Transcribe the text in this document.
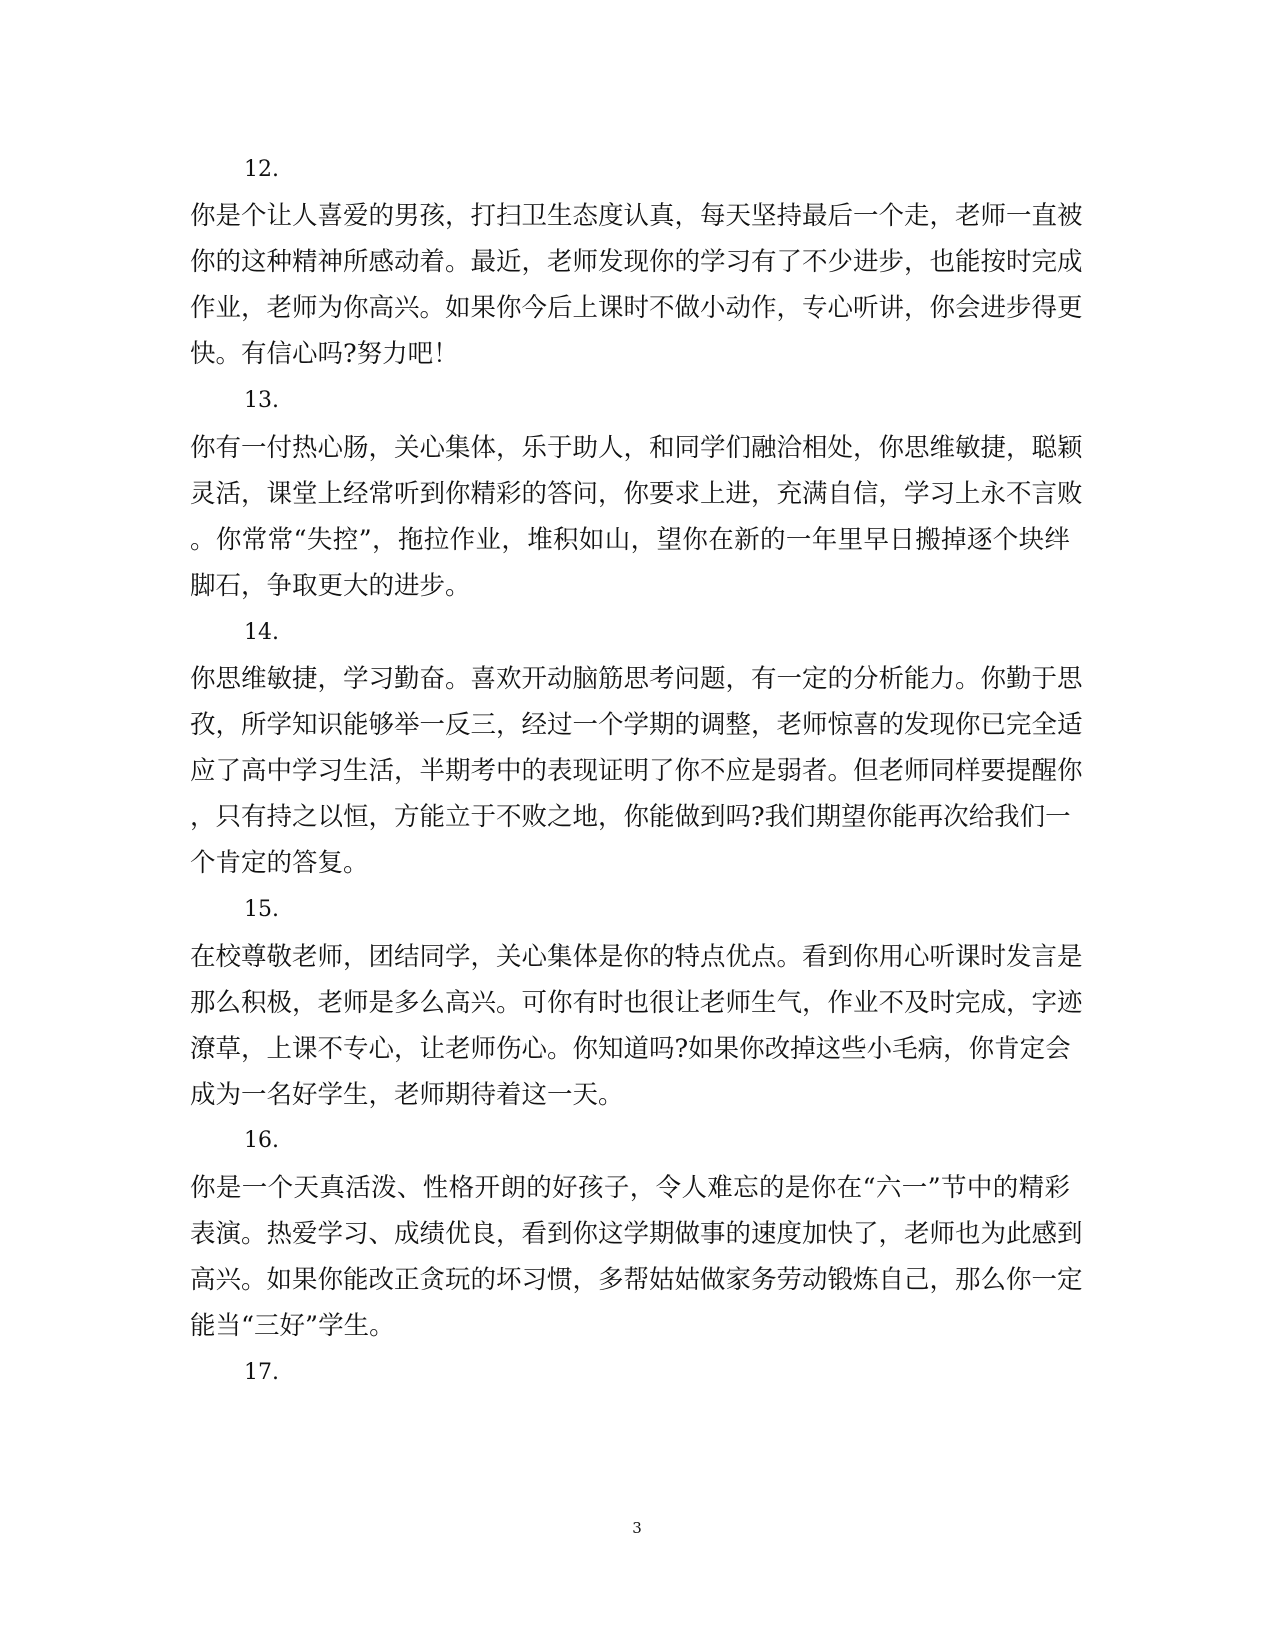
12.
你是个让人喜爱的男孩，打扫卫生态度认真，每天坚持最后一个走，老师一直被
你的这种精神所感动着。最近，老师发现你的学习有了不少进步，也能按时完成
作业，老师为你高兴。如果你今后上课时不做小动作，专心听讲，你会进步得更
快。有信心吗?努力吧！
13.
你有一付热心肠，关心集体，乐于助人，和同学们融洽相处，你思维敏捷，聪颖
灵活，课堂上经常听到你精彩的答问，你要求上进，充满自信，学习上永不言败
。你常常“失控”，拖拉作业，堆积如山，望你在新的一年里早日搬掉逐个块绊
脚石，争取更大的进步。
14.
你思维敏捷，学习勤奋。喜欢开动脑筋思考问题，有一定的分析能力。你勤于思
孜，所学知识能够举一反三，经过一个学期的调整，老师惊喜的发现你已完全适
应了高中学习生活，半期考中的表现证明了你不应是弱者。但老师同样要提醒你
，只有持之以恒，方能立于不败之地，你能做到吗?我们期望你能再次给我们一
个肯定的答复。
15.
在校尊敬老师，团结同学，关心集体是你的特点优点。看到你用心听课时发言是
那么积极，老师是多么高兴。可你有时也很让老师生气，作业不及时完成，字迹
潦草，上课不专心，让老师伤心。你知道吗?如果你改掉这些小毛病，你肯定会
成为一名好学生，老师期待着这一天。
16.
你是一个天真活泼、性格开朗的好孩子，令人难忘的是你在“六一”节中的精彩
表演。热爱学习、成绩优良，看到你这学期做事的速度加快了，老师也为此感到
高兴。如果你能改正贪玩的坏习惯，多帮姑姑做家务劳动锻炼自己，那么你一定
能当“三好”学生。
17.
3
